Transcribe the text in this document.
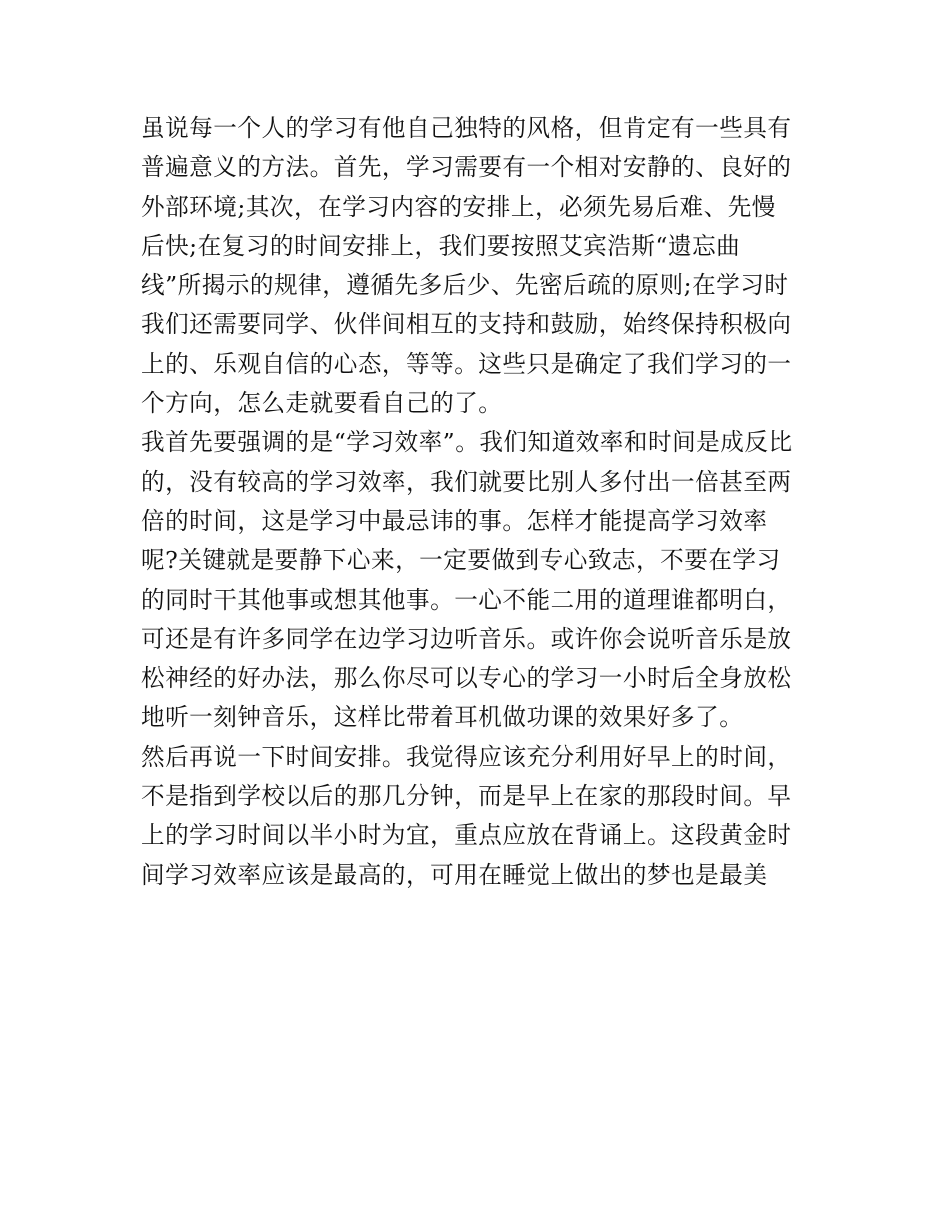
虽说每一个人的学习有他自己独特的风格，但肯定有一些具有
普遍意义的方法。首先，学习需要有一个相对安静的、良好的
外部环境;其次，在学习内容的安排上，必须先易后难、先慢
后快;在复习的时间安排上，我们要按照艾宾浩斯“遗忘曲
线”所揭示的规律，遵循先多后少、先密后疏的原则;在学习时
我们还需要同学、伙伴间相互的支持和鼓励，始终保持积极向
上的、乐观自信的心态，等等。这些只是确定了我们学习的一
个方向，怎么走就要看自己的了。
我首先要强调的是“学习效率”。我们知道效率和时间是成反比
的，没有较高的学习效率，我们就要比别人多付出一倍甚至两
倍的时间，这是学习中最忌讳的事。怎样才能提高学习效率
呢?关键就是要静下心来，一定要做到专心致志，不要在学习
的同时干其他事或想其他事。一心不能二用的道理谁都明白，
可还是有许多同学在边学习边听音乐。或许你会说听音乐是放
松神经的好办法，那么你尽可以专心的学习一小时后全身放松
地听一刻钟音乐，这样比带着耳机做功课的效果好多了。
然后再说一下时间安排。我觉得应该充分利用好早上的时间，
不是指到学校以后的那几分钟，而是早上在家的那段时间。早
上的学习时间以半小时为宜，重点应放在背诵上。这段黄金时
间学习效率应该是最高的，可用在睡觉上做出的梦也是最美
